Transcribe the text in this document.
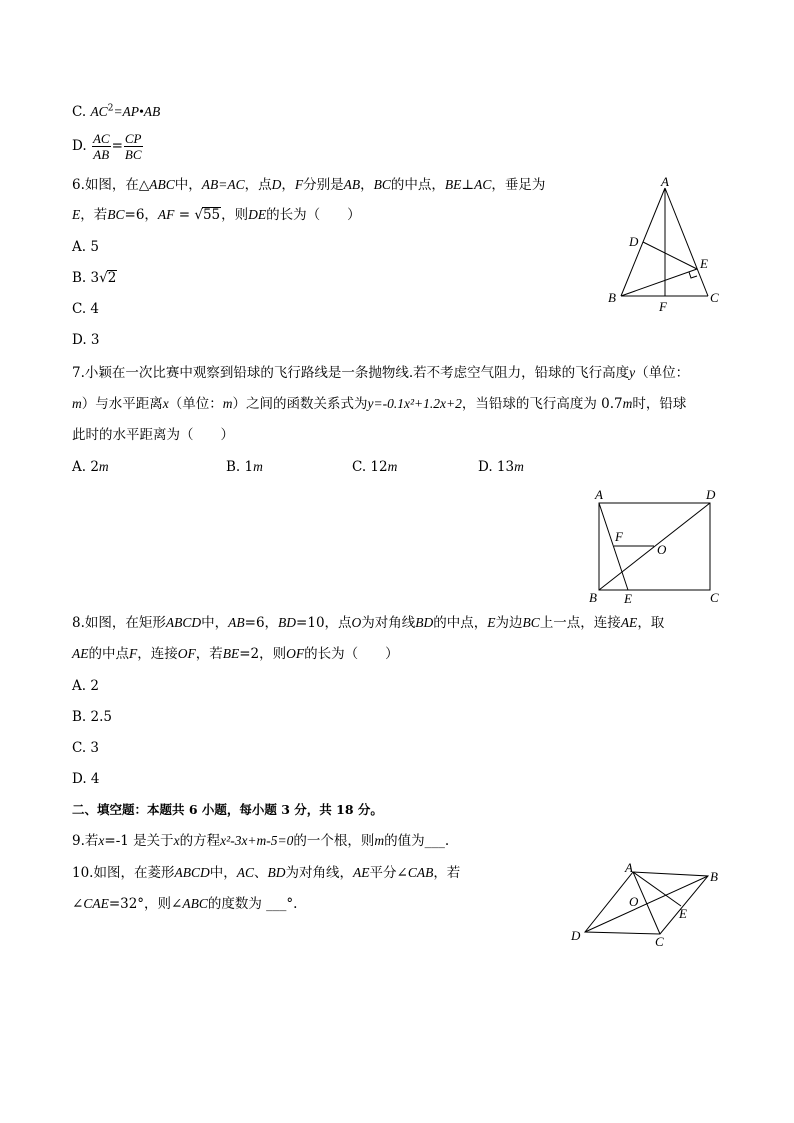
C. $AC^2=AP•AB$
D. $\frac{AC}{AB} = \frac{CP}{BC}$
6.如图，在△ABC中，AB=AC，点D，F分别是AB，BC的中点，BE⊥AC，垂足为
E，若BC=6，AF = √55，则DE的长为（　　）
A. 5
B. 3√2
C. 4
D. 3
A
B	C
D
E
F
7.小颖在一次比赛中观察到铅球的飞行路线是一条抛物线.若不考虑空气阻力，铅球的飞行高度y（单位：
m）与水平距离x（单位：m）之间的函数关系式为y=-0.1x²+1.2x+2，当铅球的飞行高度为 0.7m时，铅球
此时的水平距离为（　　）
A. 2m	B. 1m	C. 12m	D. 13m
A	D
B E	C
F
O
8.如图，在矩形ABCD中，AB=6，BD=10，点O为对角线BD的中点，E为边BC上一点，连接AE，取
AE的中点F，连接OF，若BE=2，则OF的长为（　　）
A. 2
B. 2.5
C. 3
D. 4
二、填空题：本题共 6 小题，每小题 3 分，共 18 分。
9.若x=-1 是关于x的方程x²-3x+m-5=0的一个根，则m的值为___.
10.如图，在菱形ABCD中，AC、BD为对角线，AE平分∠CAB，若
∠CAE=32°，则∠ABC的度数为 ___°.
A
B
C
D
E
O
